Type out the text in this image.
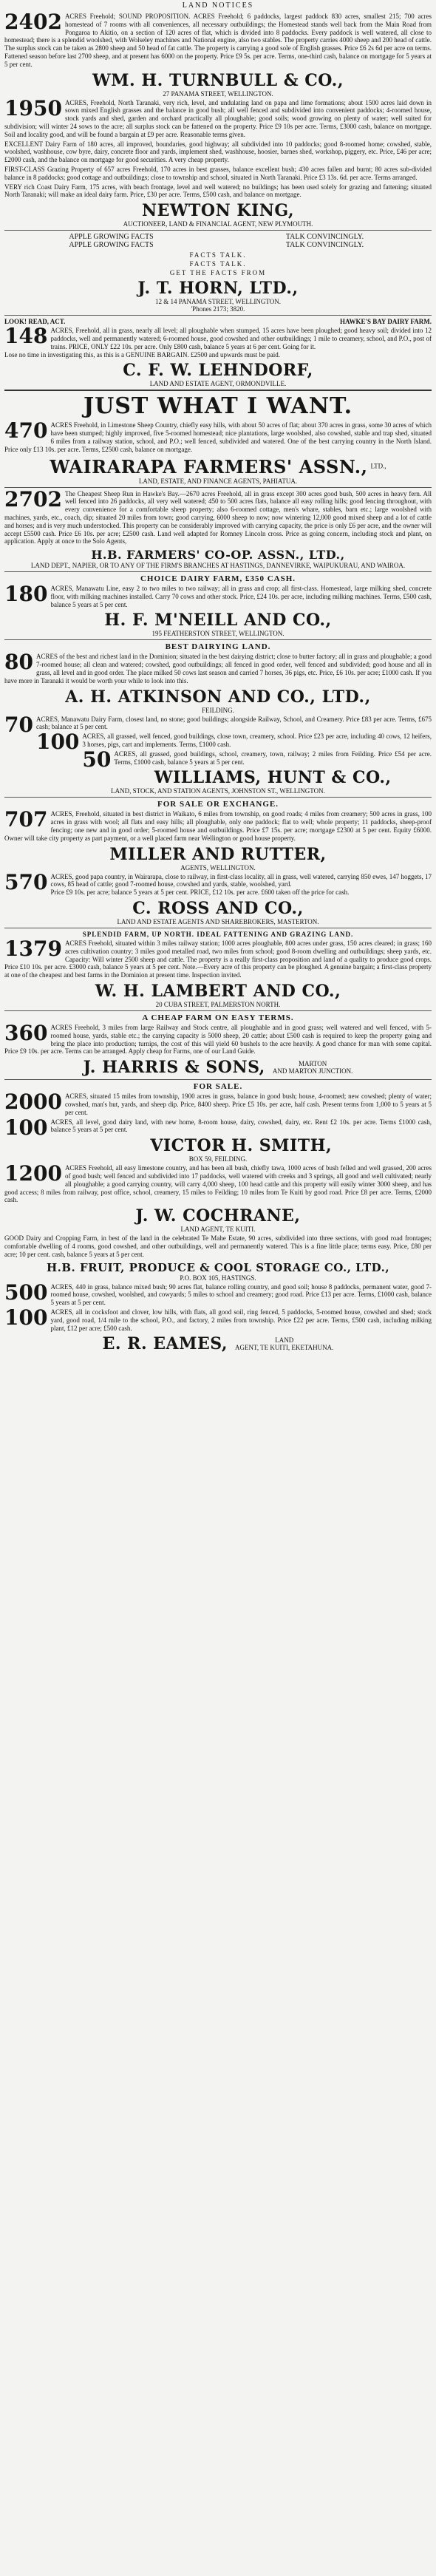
LAND NOTICES
2402 ACRES Freehold; SOUND PROPOSITION. ACRES Freehold; 6 paddocks, largest paddock 830 acres, smallest 215; 700 acres homestead of 7 rooms with all conveniences, all necessary outbuildings; the Homestead stands well back from the Main Road from Pongaroa to Akitio, on a section of 120 acres of flat, which is divided into 8 paddocks. Every paddock is well watered, all close to homestead; there is a splendid woolshed, with Wolseley machines and National engine, also two stables. The property carries 4000 sheep and 200 head of cattle. The surplus stock can be taken as 2800 sheep and 50 head of fat cattle. The property is carrying a good sole of English grasses. Price £6 2s 6d per acre on terms. Fattened season before last 2700 sheep, and at present has 6000 on the property. Price £9 5s. per acre. Terms, one-third cash, balance on mortgage for 5 years at 5 per cent.

WM. H. TURNBULL & CO.,
27 PANAMA STREET, WELLINGTON.
1950 ACRES, Freehold, North Taranaki, very rich, level, and undulating land on papa and lime formations; about 1500 acres laid down in sown mixed English grasses and the balance in good bush; all well fenced and subdivided into convenient paddocks; 4-roomed house, stock yards and shed, garden and orchard practically all ploughable; good soils; wood growing on plenty of water; well suited for subdivision; will winter 24 sows to the acre; all surplus stock can be fattened on the property. Price £9 10s per acre. Terms, £3000 cash, balance on mortgage. Soil and locality good, and will be found a bargain at £9 per acre. Reasonable terms given.

EXCELLENT Dairy Farm of 180 acres, all improved, boundaries, good highway; all subdivided into 10 paddocks; good 8-roomed home; cowshed, stable, woolshed, washhouse, cow byre, dairy, concrete floor and yards, implement shed, washhouse, hoosier, barnes shed, workshop, piggery, etc. Price, £46 per acre; £2000 cash, and the balance on mortgage for good securities. A very cheap property.

FIRST-CLASS Grazing Property of 657 acres Freehold, 170 acres in best grasses, balance excellent bush; 430 acres fallen and burnt; 80 acres sub-divided balance in 8 paddocks; good cottage and outbuildings; close to township and school, situated in North Taranaki. Price £3 13s. 6d. per acre. Terms arranged.

VERY rich Coast Dairy Farm, 175 acres, with beach frontage, level and well watered; no buildings; has been used solely for grazing and fattening; situated North Taranaki; will make an ideal dairy farm. Price, £30 per acre. Terms, £500 cash, and balance on mortgage.

NEWTON KING,
AUCTIONEER, LAND & FINANCIAL AGENT, NEW PLYMOUTH.
APPLE GROWING FACTS	TALK CONVINCINGLY.
APPLE GROWING FACTS	TALK CONVINCINGLY.
FACTS TALK.
FACTS TALK.
GET THE FACTS FROM
J. T. HORN, LTD.,
12 & 14 PANAMA STREET, WELLINGTON.
'Phones 2173; 3820.
LOOK! READ, ACT.	HAWKE'S BAY DAIRY FARM.
148 ACRES, Freehold, all in grass, nearly all level; all ploughable when stumped, 15 acres have been ploughed; good heavy soil; divided into 12 paddocks, well and permanently watered; 6-roomed house, good cowshed and other outbuildings; 1 mile to creamery, school, and P.O., post of trains. PRICE, ONLY £22 10s. per acre. Only £800 cash, balance 5 years at 6 per cent. Going for it.

Lose no time in investigating this, as this is a GENUINE BARGAIN. £2500 and upwards must be paid.

C. F. W. LEHNDORF,
LAND AND ESTATE AGENT, ORMONDVILLE.
JUST WHAT I WANT.
470 ACRES Freehold, in Limestone Sheep Country, chiefly easy hills, with about 50 acres of flat; about 370 acres in grass, some 30 acres of which have been stumped; highly improved, five 5-roomed homestead; nice plantations, large woolshed, also cowshed, stable and trap shed, situated 6 miles from a railway station, school, and P.O.; well fenced, subdivided and watered. One of the best carrying country in the North Island. Price only £13 10s. per acre. Terms, £2500 cash, balance on mortgage.

WAIRARAPA FARMERS' ASSN., $^{LTD.,}$
LAND, ESTATE, AND FINANCE AGENTS, PAHIATUA.
2702 The Cheapest Sheep Run in Hawke's Bay.—2670 acres Freehold, all in grass except 300 acres good bush, 500 acres in heavy fern. All well fenced into 26 paddocks, all very well watered; 450 to 500 acres flats, balance all easy rolling hills; good fencing throughout, with every convenience for a comfortable sheep property; also 6-roomed cottage, men's whare, stables, barn etc.; large woolshed with machines, yards, etc., coach, dip; situated 20 miles from town; good carrying, 6000 sheep to now; now wintering 12,000 good mixed sheep and a lot of cattle and horses; and is very much understocked. This property can be considerably improved with carrying capacity, the price is only £6 per acre, and the owner will accept £5500 cash. Price £6 10s. per acre; £2500 cash. Land well adapted for Romney Lincoln cross. Price as going concern, including stock and plant, on application. Apply at once to the Solo Agents,

H.B. FARMERS' CO-OP. ASSN., LTD.,
LAND DEPT., NAPIER, OR TO ANY OF THE FIRM'S BRANCHES AT HASTINGS, DANNEVIRKE, WAIPUKURAU, AND WAIROA.
CHOICE DAIRY FARM, £350 CASH.
180 ACRES, Manawatu Line, easy 2 to two miles to two railway; all in grass and crop; all first-class. Homestead, large milking shed, concrete floor, with milking machines installed. Carry 70 cows and other stock. Price, £24 10s. per acre, including milking machines. Terms, £500 cash, balance 5 years at 5 per cent.

H. F. M'NEILL AND CO.,
195 FEATHERSTON STREET, WELLINGTON.
BEST DAIRYING LAND.
80 ACRES of the best and richest land in the Dominion; situated in the best dairying district; close to butter factory; all in grass and ploughable; a good 7-roomed house; all clean and watered; cowshed, good outbuildings; all fenced in good order, well fenced and subdivided; good house and all in grass, all level and in good order. The place milked 50 cows last season and carried 7 horses, 36 pigs, etc. Price, £6 10s. per acre; £1000 cash. If you have more in Taranaki it would be worth your while to look into this.

A. H. ATKINSON AND CO., LTD.,
FEILDING.
70 ACRES, Manawatu Dairy Farm, closest land, no stone; good buildings; alongside Railway, School, and Creamery. Price £83 per acre. Terms, £675 cash; balance at 5 per cent.

100 ACRES, all grassed, well fenced, good buildings, close town, creamery, school. Price £23 per acre, including 40 cows, 12 heifers, 3 horses, pigs, cart and implements. Terms, £1000 cash.

50 ACRES, all grassed, good buildings, school, creamery, town, railway; 2 miles from Feilding. Price £54 per acre. Terms, £1000 cash, balance 5 years at 5 per cent.

WILLIAMS, HUNT & CO.,
LAND, STOCK, AND STATION AGENTS, JOHNSTON ST., WELLINGTON.
FOR SALE OR EXCHANGE.
707 ACRES, Freehold, situated in best district in Waikato, 6 miles from township, on good roads; 4 miles from creamery; 500 acres in grass, 100 acres in grass with wool; all flats and easy hills; all ploughable, only one paddock; flat to well; whole property; 11 paddocks, sheep-proof fencing; one new and in good order; 5-roomed house and outbuildings. Price £7 15s. per acre; mortgage £2300 at 5 per cent. Equity £6000. Owner will take city property as part payment, or a well placed farm near Wellington or good house property.

MILLER AND RUTTER,
AGENTS, WELLINGTON.
570 ACRES, good papa country, in Wairarapa, close to railway, in first-class locality, all in grass, well watered, carrying 850 ewes, 147 hoggets, 17 cows, 85 head of cattle; good 7-roomed house, cowshed and yards, stable, woolshed, yard.

Price £9 10s. per acre; balance 5 years at 5 per cent. PRICE, £12 10s. per acre. £600 taken off the price for cash.

C. ROSS AND CO.,
LAND AND ESTATE AGENTS AND SHAREBROKERS, MASTERTON.
SPLENDID FARM, UP NORTH. IDEAL FATTENING AND GRAZING LAND.
1379 ACRES Freehold, situated within 3 miles railway station; 1000 acres ploughable, 800 acres under grass, 150 acres cleared; in grass; 160 acres cultivation country; 3 miles good metalled road, two miles from school; good 8-room dwelling and outbuildings; sheep yards, etc. Capacity: Will winter 2500 sheep and cattle. The property is a really first-class proposition and land of a quality to produce good crops. Price £10 10s. per acre. £3000 cash, balance 5 years at 5 per cent. Note.—Every acre of this property can be ploughed. A genuine bargain; a first-class property at one of the cheapest and best farms in the Dominion at present time. Inspection invited.

W. H. LAMBERT AND CO.,
20 CUBA STREET, PALMERSTON NORTH.
A CHEAP FARM ON EASY TERMS.
360 ACRES Freehold, 3 miles from large Railway and Stock centre, all ploughable and in good grass; well watered and well fenced, with 5-roomed house, yards, stable etc.; the carrying capacity is 5000 sheep, 20 cattle; about £500 cash is required to keep the property going and bring the place into production; turnips, the cost of this will yield 60 bushels to the acre heavily. A good chance for man with some capital. Price £9 10s. per acre. Terms can be arranged. Apply cheap for Farms, one of our Land Guide.

J. HARRIS & SONS,	MARTON
AND MARTON JUNCTION.
FOR SALE.
2000 ACRES, situated 15 miles from township, 1900 acres in grass, balance in good bush; house, 4-roomed; new cowshed; plenty of water; cowshed, man's hut, yards, and sheep dip. Price, 8400 sheep. Price £5 10s. per acre, half cash. Present terms from 1,000 to 5 years at 5 per cent.

100 ACRES, all level, good dairy land, with new home, 8-room house, dairy, cowshed, dairy, etc. Rent £2 10s. per acre. Terms £1000 cash, balance 5 years at 5 per cent.

VICTOR H. SMITH,
BOX 59, FEILDING.
1200 ACRES Freehold, all easy limestone country, and has been all bush, chiefly tawa, 1000 acres of bush felled and well grassed, 200 acres of good bush; well fenced and subdivided into 17 paddocks, well watered with creeks and 3 springs, all good and well cultivated; nearly all ploughable; a good carrying country, will carry 4,000 sheep, 100 head cattle and this property will easily winter 3000 sheep, and has good access; 8 miles from railway, post office, school, creamery, 15 miles to Feilding; 10 miles from Te Kuiti by good road. Price £8 per acre. Terms, £2000 cash.

J. W. COCHRANE,
LAND AGENT, TE KUITI.

GOOD Dairy and Cropping Farm, in best of the land in the celebrated Te Mahe Estate, 90 acres, subdivided into three sections, with good road frontages; comfortable dwelling of 4 rooms, good cowshed, and other outbuildings, well and permanently watered. This is a fine little place; terms easy. Price, £80 per acre; 10 per cent. cash, balance 5 years at 5 per cent.

H.B. FRUIT, PRODUCE & COOL STORAGE CO., LTD.,
P.O. BOX 105, HASTINGS.
500 ACRES, 440 in grass, balance mixed bush; 90 acres flat, balance rolling country, and good soil; house 8 paddocks, permanent water, good 7-roomed house, cowshed, woolshed, and cowyards; 5 miles to school and creamery; good road. Price £13 per acre. Terms, £1000 cash, balance 5 years at 5 per cent.

100 ACRES, all in cocksfoot and clover, low hills, with flats, all good soil, ring fenced, 5 paddocks, 5-roomed house, cowshed and shed; stock yard, good road, 1/4 mile to the school, P.O., and factory, 2 miles from township. Price £22 per acre. Terms, £500 cash, including milking plant, £12 per acre; £500 cash.

E. R. EAMES,	LAND
AGENT, TE KUITI, EKETAHUNA.
